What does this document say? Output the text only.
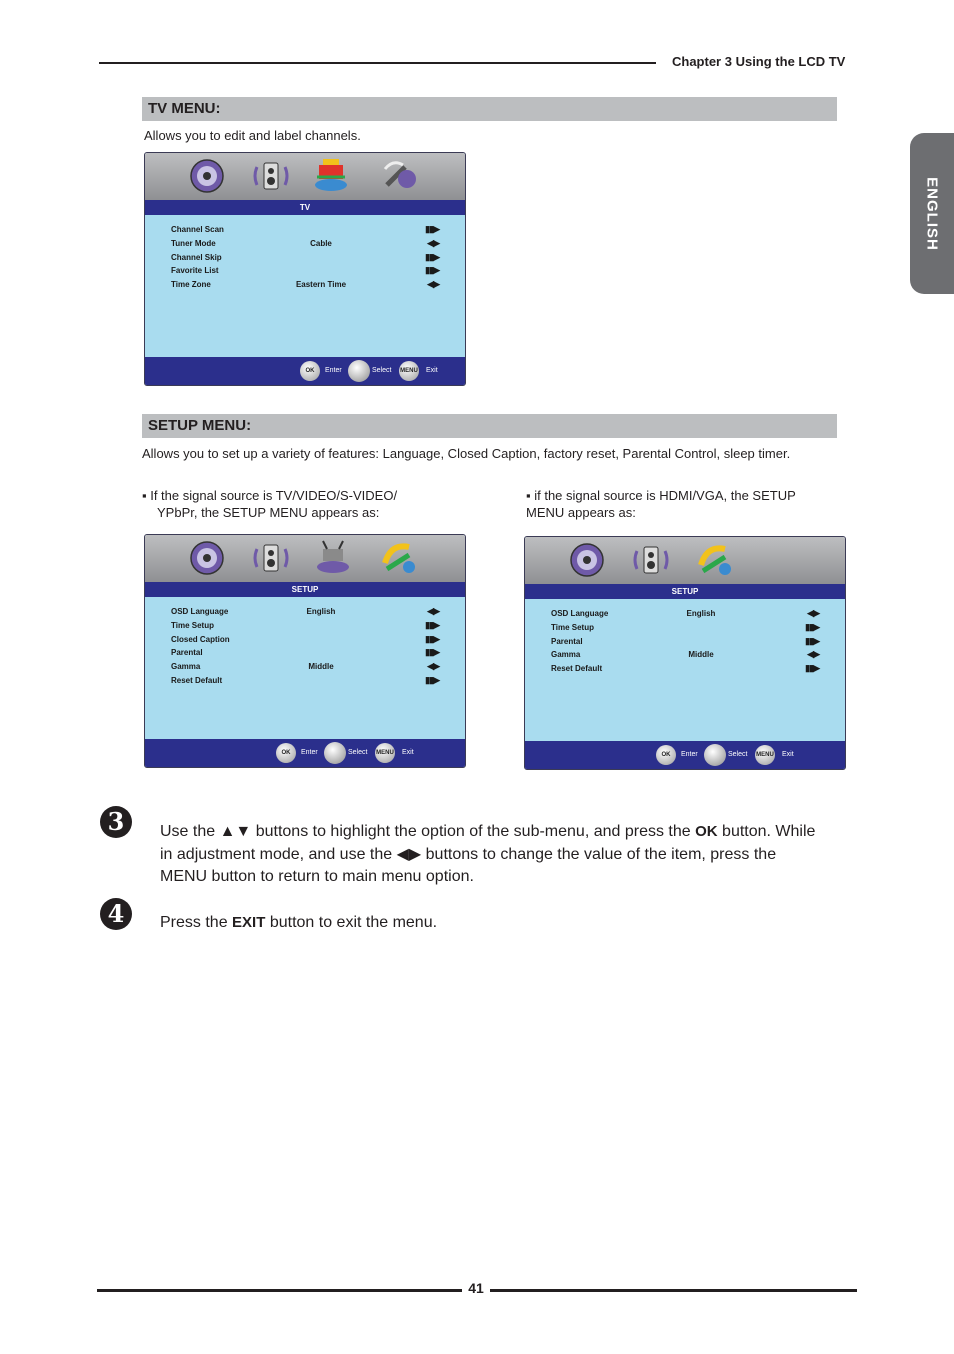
Chapter 3 Using the LCD TV
ENGLISH
TV MENU:
Allows you to edit and label channels.
TV
Channel Scan	▮▮▶
Tuner Mode	Cable	◀▶
Channel Skip	▮▮▶
Favorite List	▮▮▶
Time Zone	Eastern Time	◀▶
OK	Enter	Select MENU Exit
SETUP MENU:
Allows you to set up a variety of features: Language, Closed Caption, factory reset, Parental Control, sleep timer.
▪ If the signal source is TV/VIDEO/S-VIDEO/
YPbPr, the SETUP MENU appears as:
▪ if the signal source is HDMI/VGA, the SETUP
MENU appears as:
SETUP
OSD Language	English	◀▶
Time Setup	▮▮▶
Closed Caption	▮▮▶
Parental	▮▮▶
Gamma	Middle	◀▶
Reset Default	▮▮▶
OK	Enter	Select MENU Exit
SETUP
OSD Language	English	◀▶
Time Setup	▮▮▶
Parental	▮▮▶
Gamma	Middle	◀▶
Reset Default	▮▮▶
OK	Enter	Select MENU Exit
3	Use the ▲▼ buttons to highlight the option of the sub-menu, and press the OK button. While in adjustment mode, and use the ◀▶ buttons to change the value of the item, press the MENU button to return to main menu option.
4	Press the EXIT button to exit the menu.
41
